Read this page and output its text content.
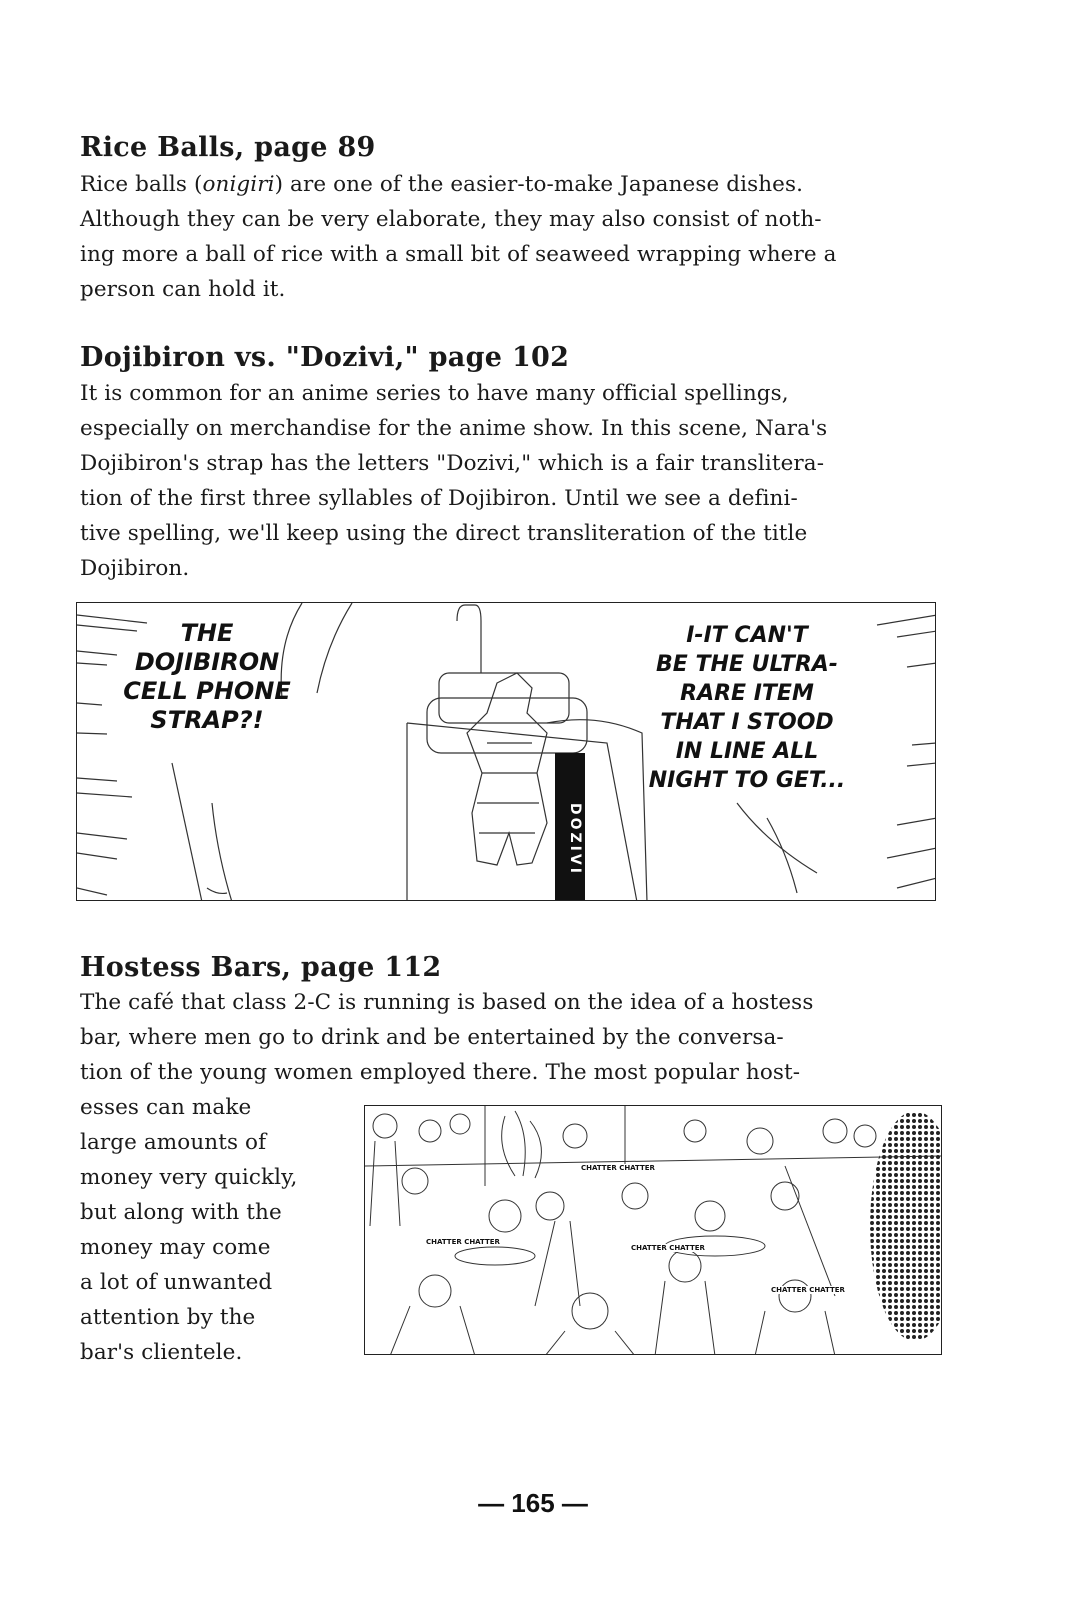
Rice Balls, page 89

Rice balls (onigiri) are one of the easier-to-make Japanese dishes.

Although they can be very elaborate, they may also consist of noth-

ing more a ball of rice with a small bit of seaweed wrapping where a

person can hold it.

Dojibiron vs. "Dozivi," page 102

It is common for an anime series to have many official spellings,

especially on merchandise for the anime show. In this scene, Nara's

Dojibiron's strap has the letters "Dozivi," which is a fair translitera-

tion of the first three syllables of Dojibiron. Until we see a defini-

tive spelling, we'll keep using the direct transliteration of the title

Dojibiron.

THE
DOJIBIRON
CELL PHONE
STRAP?!
I-IT CAN'T
BE THE ULTRA-
RARE ITEM
THAT I STOOD
IN LINE ALL
NIGHT TO GET...
DOZIVI
Hostess Bars, page 112

The café that class 2-C is running is based on the idea of a hostess

bar, where men go to drink and be entertained by the conversa-

tion of the young women employed there. The most popular host-

esses can make

large amounts of

money very quickly,

but along with the

money may come

a lot of unwanted

attention by the

bar's clientele.

CHATTER CHATTER
CHATTER CHATTER
CHATTER CHATTER
CHATTER CHATTER
— 165 —
